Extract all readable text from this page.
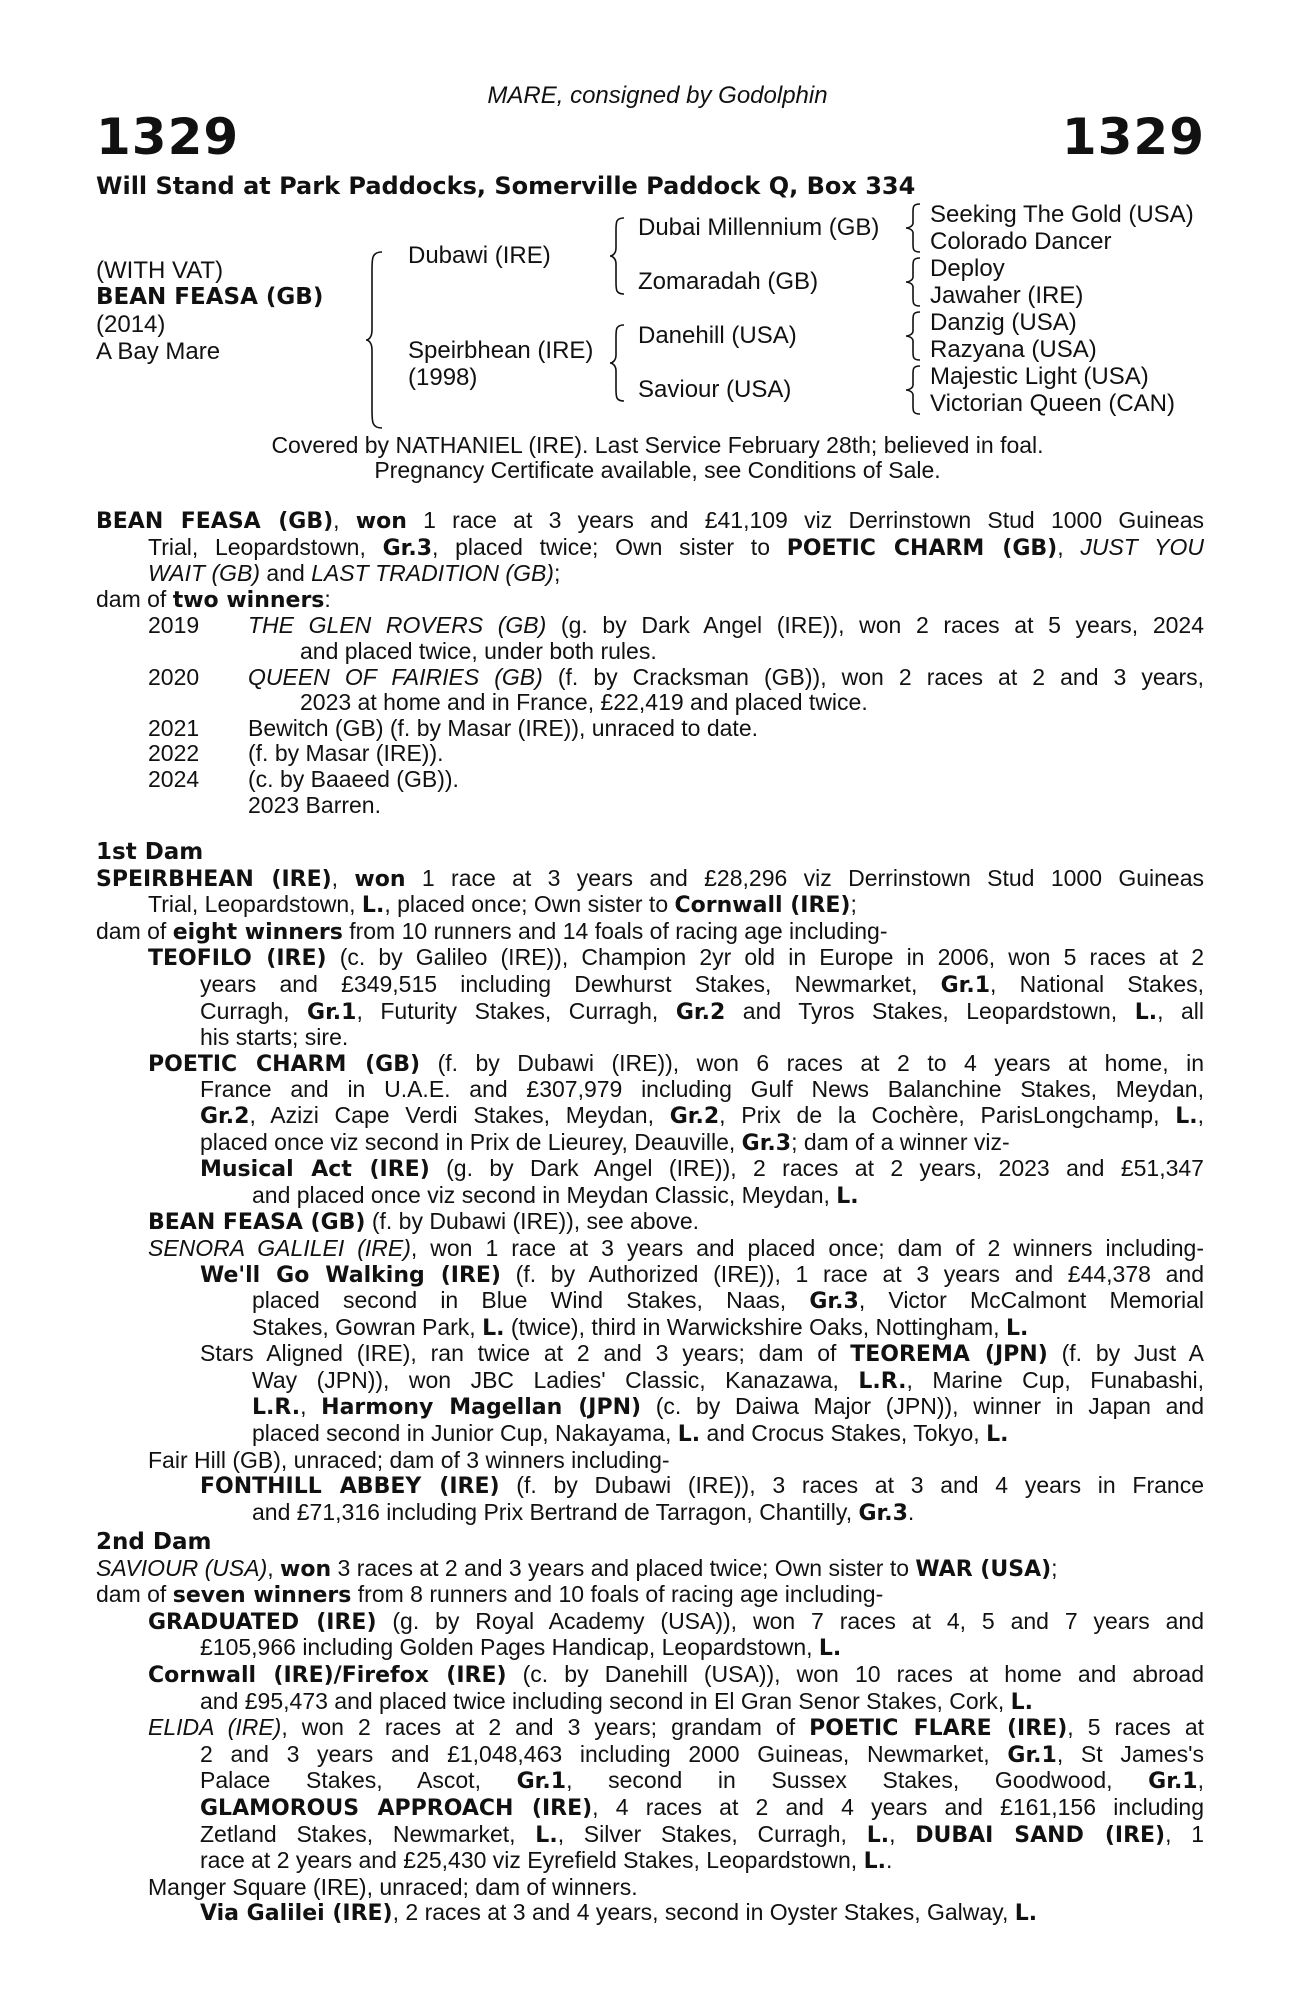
MARE, consigned by Godolphin
1329	1329
Will Stand at Park Paddocks, Somerville Paddock Q, Box 334
(WITH VAT)
BEAN FEASA (GB)
(2014)
A Bay Mare
Dubawi (IRE)
Speirbhean (IRE)
(1998)
Dubai Millennium (GB)
Zomaradah (GB)
Danehill (USA)
Saviour (USA)
Seeking The Gold (USA)
Colorado Dancer
Deploy
Jawaher (IRE)
Danzig (USA)
Razyana (USA)
Majestic Light (USA)
Victorian Queen (CAN)
Covered by NATHANIEL (IRE). Last Service February 28th; believed in foal.
Pregnancy Certificate available, see Conditions of Sale.
BEAN FEASA (GB), won 1 race at 3 years and £41,109 viz Derrinstown Stud 1000 Guineas
Trial, Leopardstown, Gr.3, placed twice; Own sister to POETIC CHARM (GB), JUST YOU
WAIT (GB) and LAST TRADITION (GB);
dam of two winners:
2019 THE GLEN ROVERS (GB) (g. by Dark Angel (IRE)), won 2 races at 5 years, 2024
and placed twice, under both rules.
2020 QUEEN OF FAIRIES (GB) (f. by Cracksman (GB)), won 2 races at 2 and 3 years,
2023 at home and in France, £22,419 and placed twice.
2021 Bewitch (GB) (f. by Masar (IRE)), unraced to date.
2022 (f. by Masar (IRE)).
2024 (c. by Baaeed (GB)).
2023 Barren.
1st Dam
SPEIRBHEAN (IRE), won 1 race at 3 years and £28,296 viz Derrinstown Stud 1000 Guineas
Trial, Leopardstown, L., placed once; Own sister to Cornwall (IRE);
dam of eight winners from 10 runners and 14 foals of racing age including-
TEOFILO (IRE) (c. by Galileo (IRE)), Champion 2yr old in Europe in 2006, won 5 races at 2
years and £349,515 including Dewhurst Stakes, Newmarket, Gr.1, National Stakes,
Curragh, Gr.1, Futurity Stakes, Curragh, Gr.2 and Tyros Stakes, Leopardstown, L., all
his starts; sire.
POETIC CHARM (GB) (f. by Dubawi (IRE)), won 6 races at 2 to 4 years at home, in
France and in U.A.E. and £307,979 including Gulf News Balanchine Stakes, Meydan,
Gr.2, Azizi Cape Verdi Stakes, Meydan, Gr.2, Prix de la Cochère, ParisLongchamp, L.,
placed once viz second in Prix de Lieurey, Deauville, Gr.3; dam of a winner viz-
Musical Act (IRE) (g. by Dark Angel (IRE)), 2 races at 2 years, 2023 and £51,347
and placed once viz second in Meydan Classic, Meydan, L.
BEAN FEASA (GB) (f. by Dubawi (IRE)), see above.
SENORA GALILEI (IRE), won 1 race at 3 years and placed once; dam of 2 winners including-
We'll Go Walking (IRE) (f. by Authorized (IRE)), 1 race at 3 years and £44,378 and
placed second in Blue Wind Stakes, Naas, Gr.3, Victor McCalmont Memorial
Stakes, Gowran Park, L. (twice), third in Warwickshire Oaks, Nottingham, L.
Stars Aligned (IRE), ran twice at 2 and 3 years; dam of TEOREMA (JPN) (f. by Just A
Way (JPN)), won JBC Ladies' Classic, Kanazawa, L.R., Marine Cup, Funabashi,
L.R., Harmony Magellan (JPN) (c. by Daiwa Major (JPN)), winner in Japan and
placed second in Junior Cup, Nakayama, L. and Crocus Stakes, Tokyo, L.
Fair Hill (GB), unraced; dam of 3 winners including-
FONTHILL ABBEY (IRE) (f. by Dubawi (IRE)), 3 races at 3 and 4 years in France
and £71,316 including Prix Bertrand de Tarragon, Chantilly, Gr.3.
2nd Dam
SAVIOUR (USA), won 3 races at 2 and 3 years and placed twice; Own sister to WAR (USA);
dam of seven winners from 8 runners and 10 foals of racing age including-
GRADUATED (IRE) (g. by Royal Academy (USA)), won 7 races at 4, 5 and 7 years and
£105,966 including Golden Pages Handicap, Leopardstown, L.
Cornwall (IRE)/Firefox (IRE) (c. by Danehill (USA)), won 10 races at home and abroad
and £95,473 and placed twice including second in El Gran Senor Stakes, Cork, L.
ELIDA (IRE), won 2 races at 2 and 3 years; grandam of POETIC FLARE (IRE), 5 races at
2 and 3 years and £1,048,463 including 2000 Guineas, Newmarket, Gr.1, St James's
Palace Stakes, Ascot, Gr.1, second in Sussex Stakes, Goodwood, Gr.1,
GLAMOROUS APPROACH (IRE), 4 races at 2 and 4 years and £161,156 including
Zetland Stakes, Newmarket, L., Silver Stakes, Curragh, L., DUBAI SAND (IRE), 1
race at 2 years and £25,430 viz Eyrefield Stakes, Leopardstown, L..
Manger Square (IRE), unraced; dam of winners.
Via Galilei (IRE), 2 races at 3 and 4 years, second in Oyster Stakes, Galway, L.
